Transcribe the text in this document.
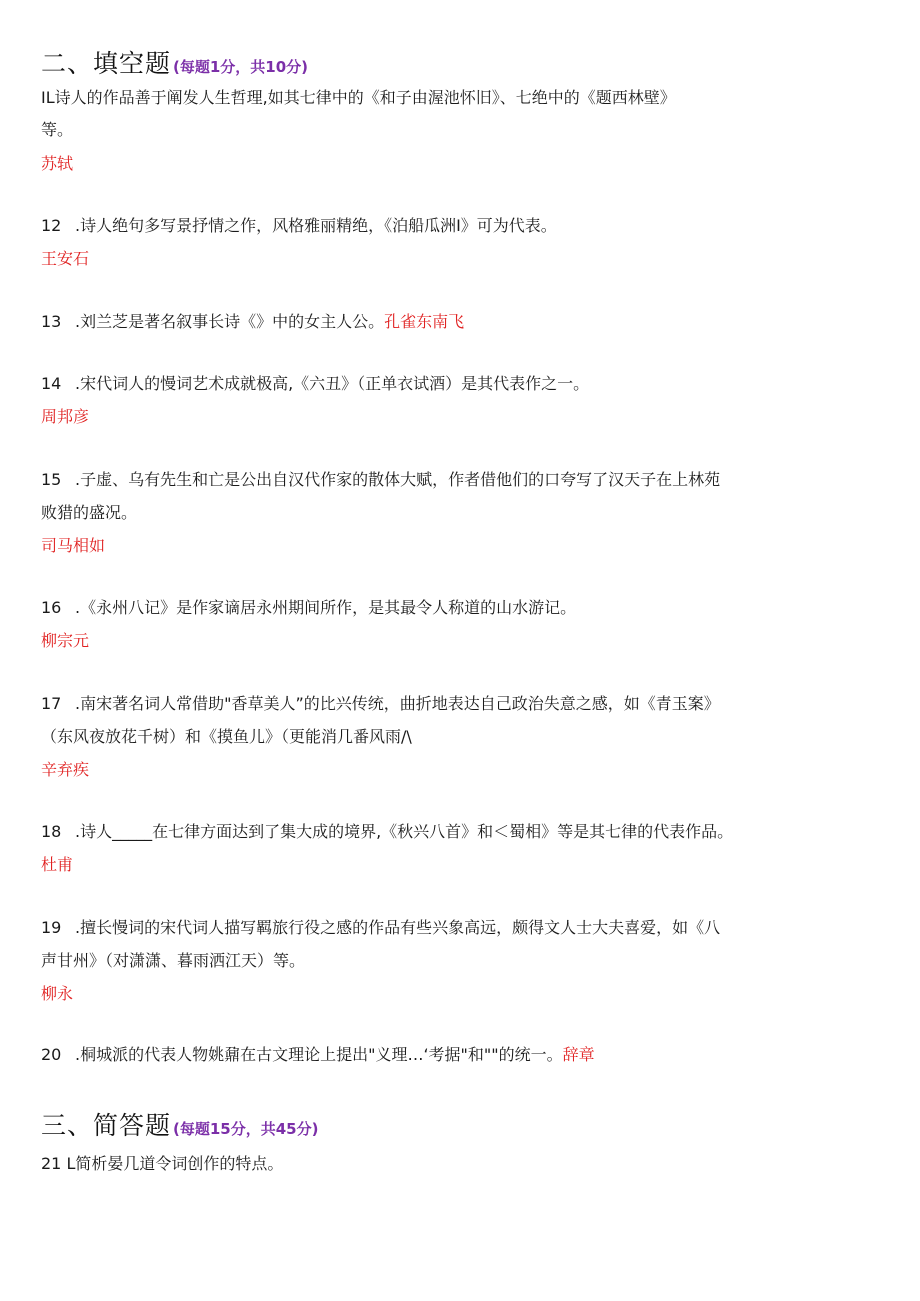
二、填空题 (每题1分，共10分)
IL诗人的作品善于阐发人生哲理,如其七律中的《和子由渥池怀旧》、七绝中的《题西林壁》
等。
苏轼
12 .诗人绝句多写景抒情之作，风格雅丽精绝，《泊船瓜洲I》可为代表。
王安石
13 .刘兰芝是著名叙事长诗《》中的女主人公。孔雀东南飞
14 .宋代词人的慢词艺术成就极高,《六丑》（正单衣试酒）是其代表作之一。
周邦彦
15 .子虚、乌有先生和亡是公出自汉代作家的散体大赋，作者借他们的口夸写了汉天子在上林苑
败猎的盛况。
司马相如
16 .《永州八记》是作家谪居永州期间所作，是其最令人称道的山水游记。
柳宗元
17 .南宋著名词人常借助"香草美人”的比兴传统，曲折地表达自己政治失意之感，如《青玉案》
（东风夜放花千树）和《摸鱼儿》（更能消几番风雨/\
辛弃疾
18 .诗人_____在七律方面达到了集大成的境界,《秋兴八首》和＜蜀相》等是其七律的代表作品。
杜甫
19 .擅长慢词的宋代词人描写羁旅行役之感的作品有些兴象高远，颇得文人士大夫喜爱，如《八
声甘州》（对潇潇、暮雨洒江天）等。
柳永
20 .桐城派的代表人物姚鼐在古文理论上提出"义理…‘考据"和""的统一。辞章
三、简答题 (每题15分，共45分)
21 L简析晏几道令词创作的特点。
